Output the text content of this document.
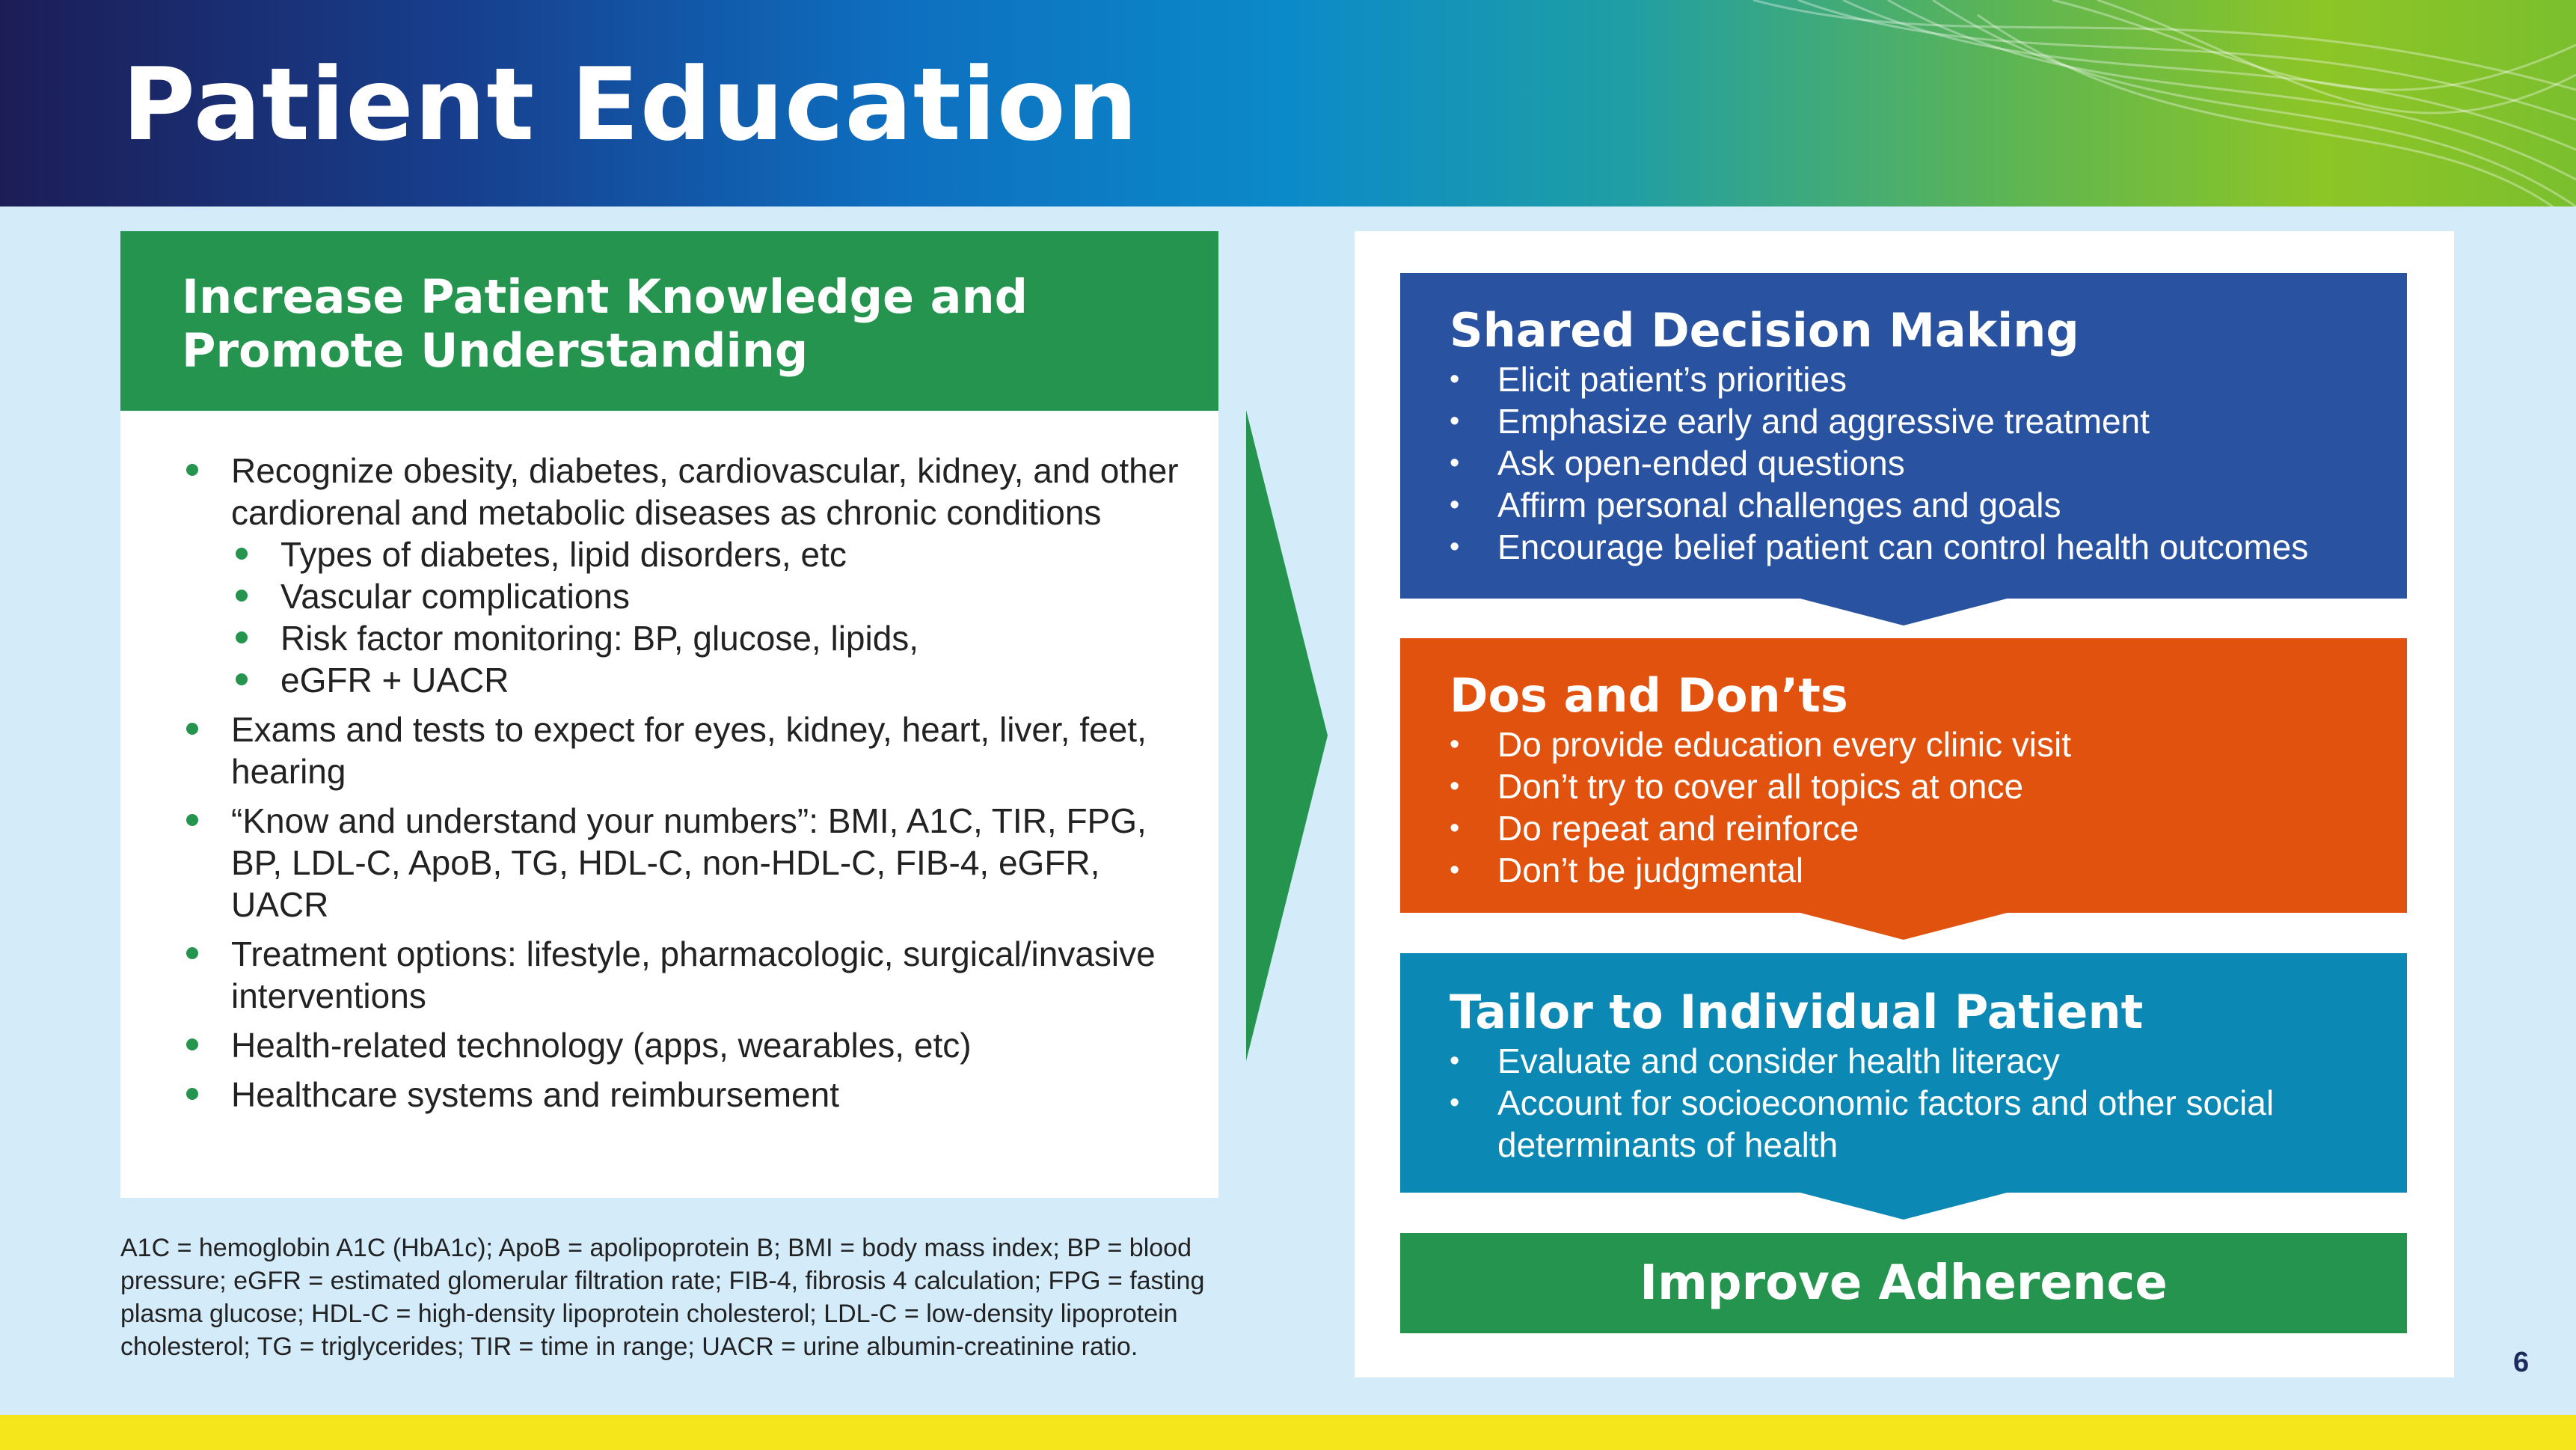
Patient Education
Increase Patient Knowledge and
Promote Understanding
Recognize obesity, diabetes, cardiovascular, kidney, and other cardiorenal and metabolic diseases as chronic conditions
Types of diabetes, lipid disorders, etc
Vascular complications
Risk factor monitoring: BP, glucose, lipids,
eGFR + UACR
Exams and tests to expect for eyes, kidney, heart, liver, feet, hearing
“Know and understand your numbers”: BMI, A1C, TIR, FPG, BP, LDL-C, ApoB, TG, HDL-C, non-HDL-C, FIB-4, eGFR, UACR
Treatment options: lifestyle, pharmacologic, surgical/invasive interventions
Health-related technology (apps, wearables, etc)
Healthcare systems and reimbursement

A1C = hemoglobin A1C (HbA1c); ApoB = apolipoprotein B; BMI = body mass index; BP = blood pressure; eGFR = estimated glomerular filtration rate; FIB-4, fibrosis 4 calculation; FPG = fasting plasma glucose; HDL-C = high-density lipoprotein cholesterol; LDL-C = low-density lipoprotein cholesterol; TG = triglycerides; TIR = time in range; UACR = urine albumin-creatinine ratio.

Shared Decision Making
• Elicit patient’s priorities
• Emphasize early and aggressive treatment
• Ask open-ended questions
• Affirm personal challenges and goals
• Encourage belief patient can control health outcomes
Dos and Don’ts
• Do provide education every clinic visit
• Don’t try to cover all topics at once
• Do repeat and reinforce
• Don’t be judgmental
Tailor to Individual Patient
• Evaluate and consider health literacy
• Account for socioeconomic factors and other social determinants of health
Improve Adherence
6
